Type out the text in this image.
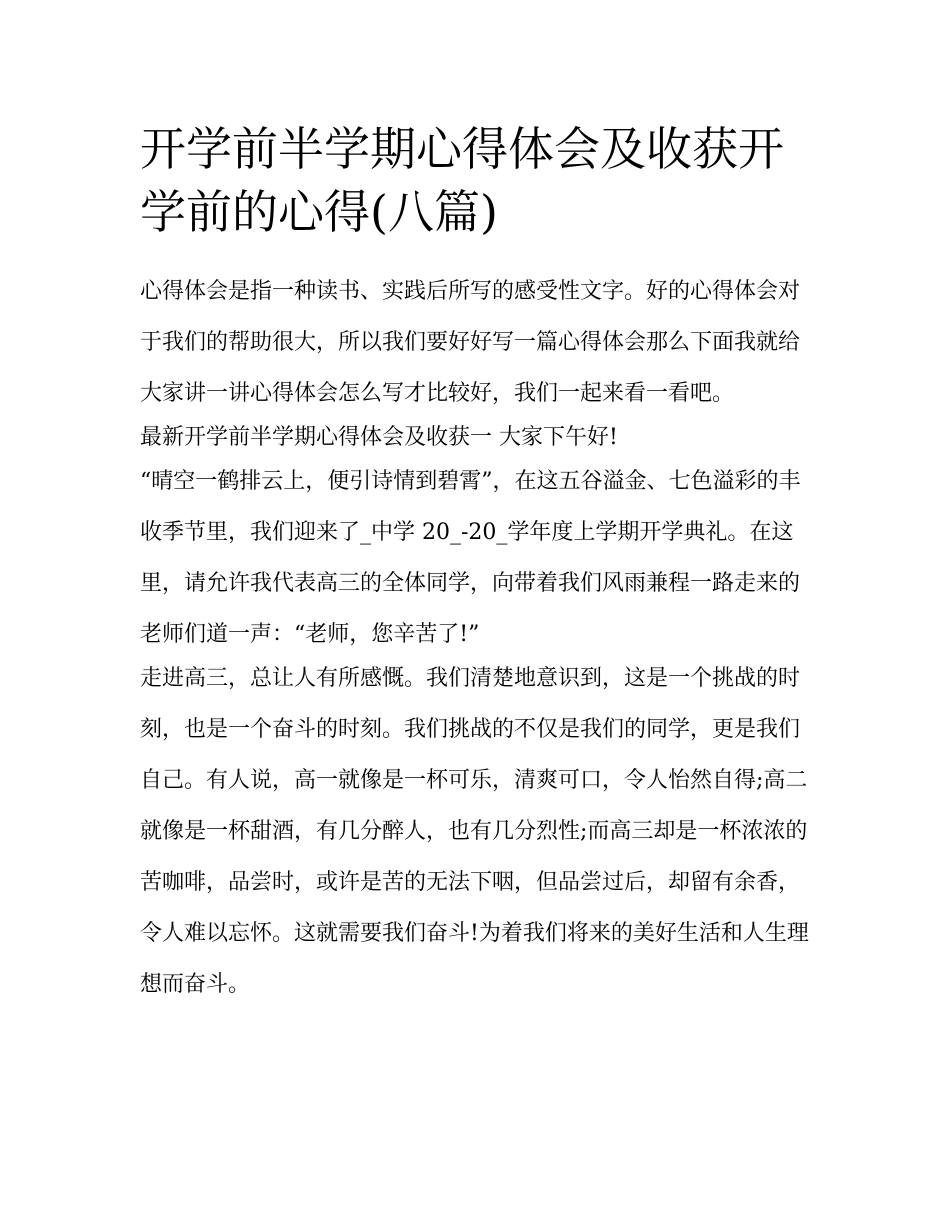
开学前半学期心得体会及收获开学前的心得(八篇)

心得体会是指一种读书、实践后所写的感受性文字。好的心得体会对于我们的帮助很大，所以我们要好好写一篇心得体会那么下面我就给大家讲一讲心得体会怎么写才比较好，我们一起来看一看吧。

最新开学前半学期心得体会及收获一 大家下午好!

“晴空一鹤排云上，便引诗情到碧霄”，在这五谷溢金、七色溢彩的丰收季节里，我们迎来了_中学 20_-20_学年度上学期开学典礼。在这里，请允许我代表高三的全体同学，向带着我们风雨兼程一路走来的老师们道一声：“老师，您辛苦了!”

走进高三，总让人有所感慨。我们清楚地意识到，这是一个挑战的时刻，也是一个奋斗的时刻。我们挑战的不仅是我们的同学，更是我们自己。有人说，高一就像是一杯可乐，清爽可口，令人怡然自得;高二就像是一杯甜酒，有几分醉人，也有几分烈性;而高三却是一杯浓浓的苦咖啡，品尝时，或许是苦的无法下咽，但品尝过后，却留有余香，令人难以忘怀。这就需要我们奋斗!为着我们将来的美好生活和人生理想而奋斗。
